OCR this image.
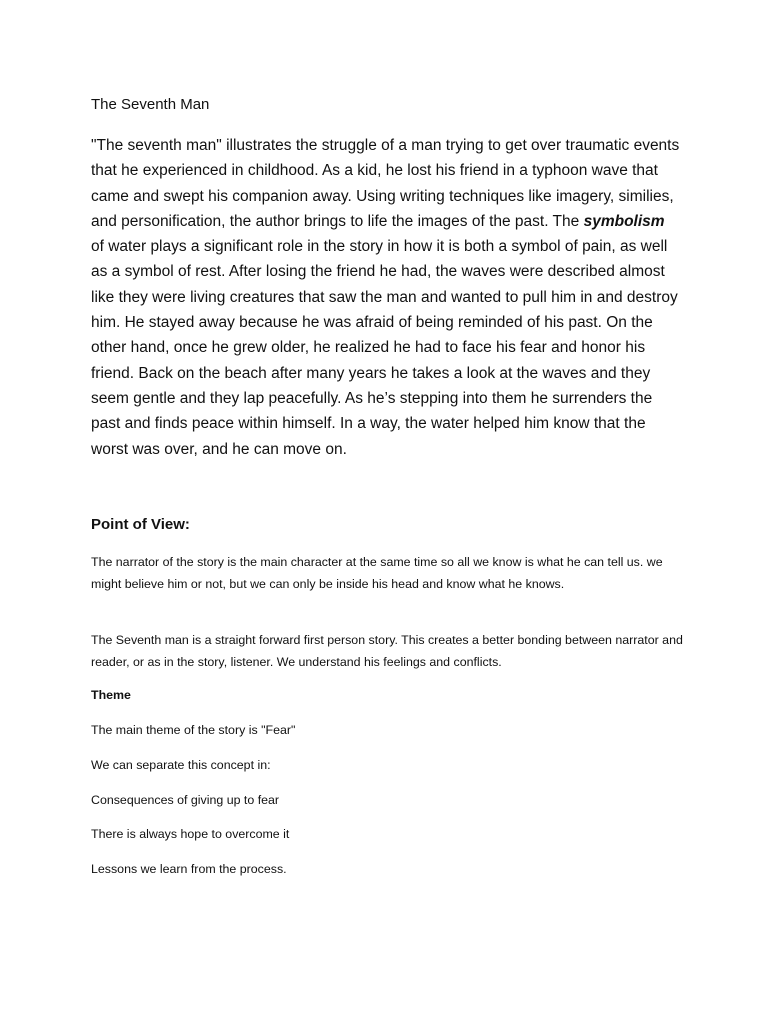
The Seventh Man

"The seventh man" illustrates the struggle of a man trying to get over traumatic events that he experienced in childhood. As a kid, he lost his friend in a typhoon wave that came and swept his companion away. Using writing techniques like imagery, similies, and personification, the author brings to life the images of the past. The symbolism of water plays a significant role in the story in how it is both a symbol of pain, as well as a symbol of rest. After losing the friend he had, the waves were described almost like they were living creatures that saw the man and wanted to pull him in and destroy him. He stayed away because he was afraid of being reminded of his past. On the other hand, once he grew older, he realized he had to face his fear and honor his friend. Back on the beach after many years he takes a look at the waves and they seem gentle and they lap peacefully. As he’s stepping into them he surrenders the past and finds peace within himself. In a way, the water helped him know that the worst was over, and he can move on.

Point of View:

The narrator of the story is the main character at the same time so all we know is what he can tell us. we might believe him or not, but we can only be inside his head and know what he knows.

The Seventh man is a straight forward first person story. This creates a better bonding between narrator and reader, or as in the story, listener. We understand his feelings and conflicts.

Theme

The main theme of the story is "Fear"

We can separate this concept in:

Consequences of giving up to fear

There is always hope to overcome it

Lessons we learn from the process.
